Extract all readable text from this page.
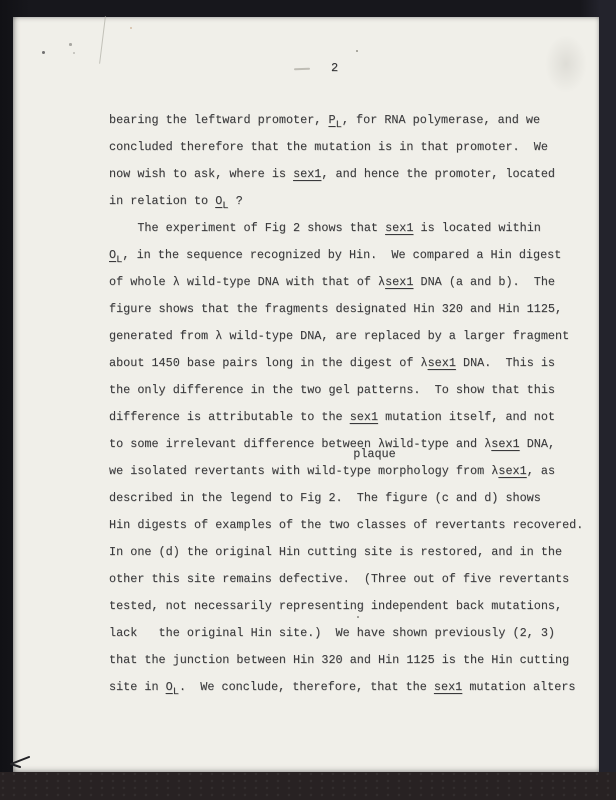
2
bearing the leftward promoter, PL, for RNA polymerase, and we
concluded therefore that the mutation is in that promoter.  We
now wish to ask, where is sex1, and hence the promoter, located
in relation to OL ?
The experiment of Fig 2 shows that sex1 is located within
OL, in the sequence recognized by Hin.  We compared a Hin digest
of whole λ wild-type DNA with that of λsex1 DNA (a and b).  The
figure shows that the fragments designated Hin 320 and Hin 1125,
generated from λ wild-type DNA, are replaced by a larger fragment
about 1450 base pairs long in the digest of λsex1 DNA.  This is
the only difference in the two gel patterns.  To show that this
difference is attributable to the sex1 mutation itself, and not
to some irrelevant difference between λwild-type and λsex1 DNA,
plaque
we isolated revertants with wild-type morphology from λsex1, as
described in the legend to Fig 2.  The figure (c and d) shows
Hin digests of examples of the two classes of revertants recovered.
In one (d) the original Hin cutting site is restored, and in the
other this site remains defective.  (Three out of five revertants
tested, not necessarily representing independent back mutations,
lack   the original Hin site.)  We have shown previously (2, 3)
that the junction between Hin 320 and Hin 1125 is the Hin cutting
site in OL.  We conclude, therefore, that the sex1 mutation alters
